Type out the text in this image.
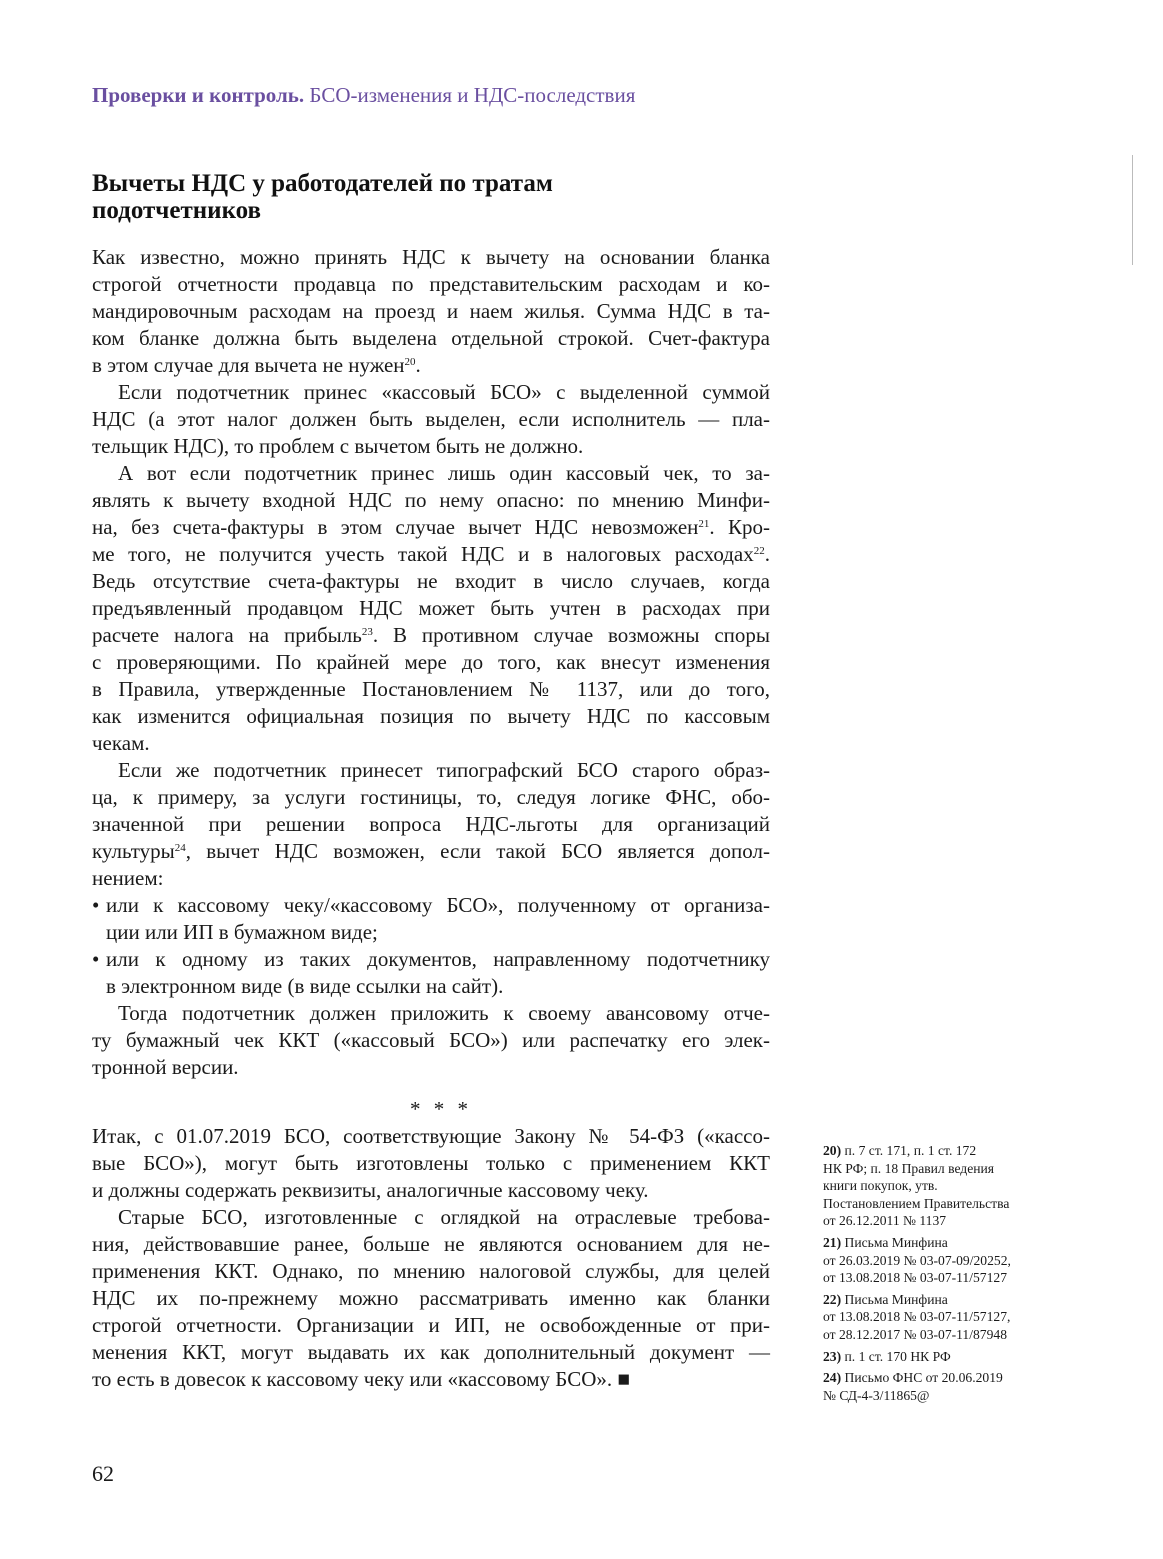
Проверки и контроль. БСО-изменения и НДС-последствия
Вычеты НДС у работодателей по тратам
подотчетников
Как известно, можно принять НДС к вычету на основании бланка
строгой отчетности продавца по представительским расходам и ко-
мандировочным расходам на проезд и наем жилья. Сумма НДС в та-
ком бланке должна быть выделена отдельной строкой. Счет-фактура
в этом случае для вычета не нужен$^{20}$.
Если подотчетник принес «кассовый БСО» с выделенной суммой
НДС (а этот налог должен быть выделен, если исполнитель — пла-
тельщик НДС), то проблем с вычетом быть не должно.
А вот если подотчетник принес лишь один кассовый чек, то за-
являть к вычету входной НДС по нему опасно: по мнению Минфи-
на, без счета-фактуры в этом случае вычет НДС невозможен$^{21}$. Кро-
ме того, не получится учесть такой НДС и в налоговых расходах$^{22}$.
Ведь отсутствие счета-фактуры не входит в число случаев, когда
предъявленный продавцом НДС может быть учтен в расходах при
расчете налога на прибыль$^{23}$. В противном случае возможны споры
с проверяющими. По крайней мере до того, как внесут изменения
в Правила, утвержденные Постановлением № 1137, или до того,
как изменится официальная позиция по вычету НДС по кассовым
чекам.
Если же подотчетник принесет типографский БСО старого образ-
ца, к примеру, за услуги гостиницы, то, следуя логике ФНС, обо-
значенной при решении вопроса НДС-льготы для организаций
культуры$^{24}$, вычет НДС возможен, если такой БСО является допол-
нением:
• или к кассовому чеку/«кассовому БСО», полученному от организа-
ции или ИП в бумажном виде;
• или к одному из таких документов, направленному подотчетнику
в электронном виде (в виде ссылки на сайт).
Тогда подотчетник должен приложить к своему авансовому отче-
ту бумажный чек ККТ («кассовый БСО») или распечатку его элек-
тронной версии.
* * *
Итак, с 01.07.2019 БСО, соответствующие Закону № 54-ФЗ («кассо-
вые БСО»), могут быть изготовлены только с применением ККТ
и должны содержать реквизиты, аналогичные кассовому чеку.
Старые БСО, изготовленные с оглядкой на отраслевые требова-
ния, действовавшие ранее, больше не являются основанием для не-
применения ККТ. Однако, по мнению налоговой службы, для целей
НДС их по-прежнему можно рассматривать именно как бланки
строгой отчетности. Организации и ИП, не освобожденные от при-
менения ККТ, могут выдавать их как дополнительный документ —
то есть в довесок к кассовому чеку или «кассовому БСО». ■
20) п. 7 ст. 171, п. 1 ст. 172
НК РФ; п. 18 Правил ведения
книги покупок, утв.
Постановлением Правительства
от 26.12.2011 № 1137
21) Письма Минфина
от 26.03.2019 № 03-07-09/20252,
от 13.08.2018 № 03-07-11/57127
22) Письма Минфина
от 13.08.2018 № 03-07-11/57127,
от 28.12.2017 № 03-07-11/87948
23) п. 1 ст. 170 НК РФ
24) Письмо ФНС от 20.06.2019
№ СД-4-3/11865@
62
